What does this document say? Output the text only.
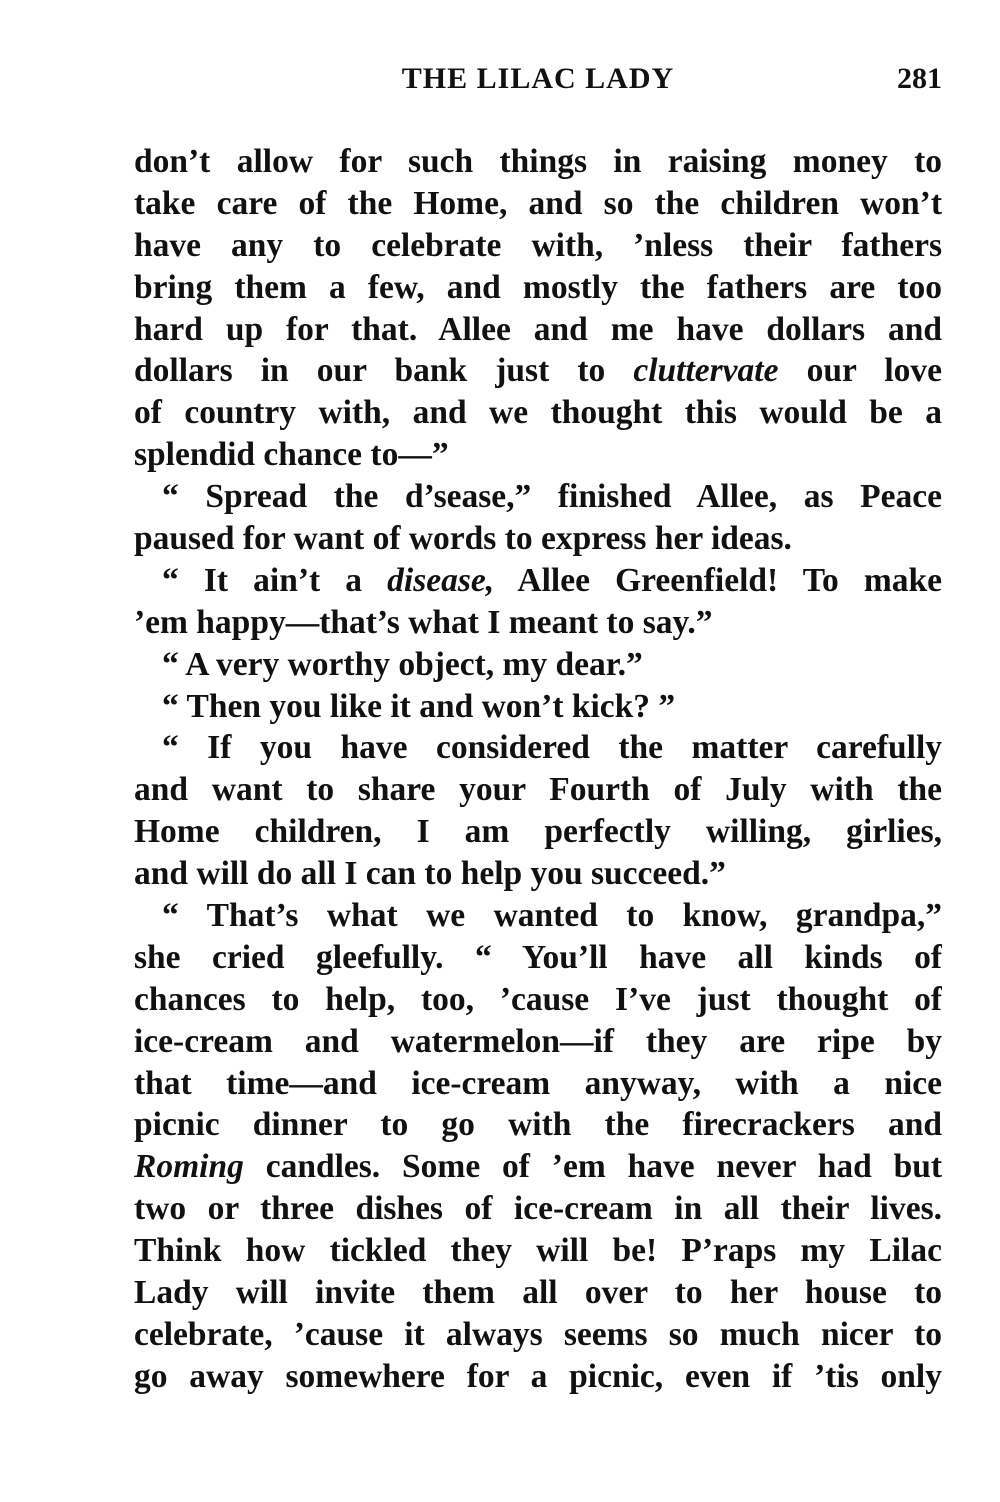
THE LILAC LADY	281
don’t allow for such things in raising money to
take care of the Home, and so the children won’t
have any to celebrate with, ’nless their fathers
bring them a few, and mostly the fathers are too
hard up for that. Allee and me have dollars and
dollars in our bank just to cluttervate our love
of country with, and we thought this would be a
splendid chance to—”
“ Spread the d’sease,” finished Allee, as Peace
paused for want of words to express her ideas.
“ It ain’t a disease, Allee Greenfield! To make
’em happy—that’s what I meant to say.”
“ A very worthy object, my dear.”
“ Then you like it and won’t kick? ”
“ If you have considered the matter carefully
and want to share your Fourth of July with the
Home children, I am perfectly willing, girlies,
and will do all I can to help you succeed.”
“ That’s what we wanted to know, grandpa,”
she cried gleefully. “ You’ll have all kinds of
chances to help, too, ’cause I’ve just thought of
ice-cream and watermelon—if they are ripe by
that time—and ice-cream anyway, with a nice
picnic dinner to go with the firecrackers and
Roming candles. Some of ’em have never had but
two or three dishes of ice-cream in all their lives.
Think how tickled they will be! P’raps my Lilac
Lady will invite them all over to her house to
celebrate, ’cause it always seems so much nicer to
go away somewhere for a picnic, even if ’tis only
